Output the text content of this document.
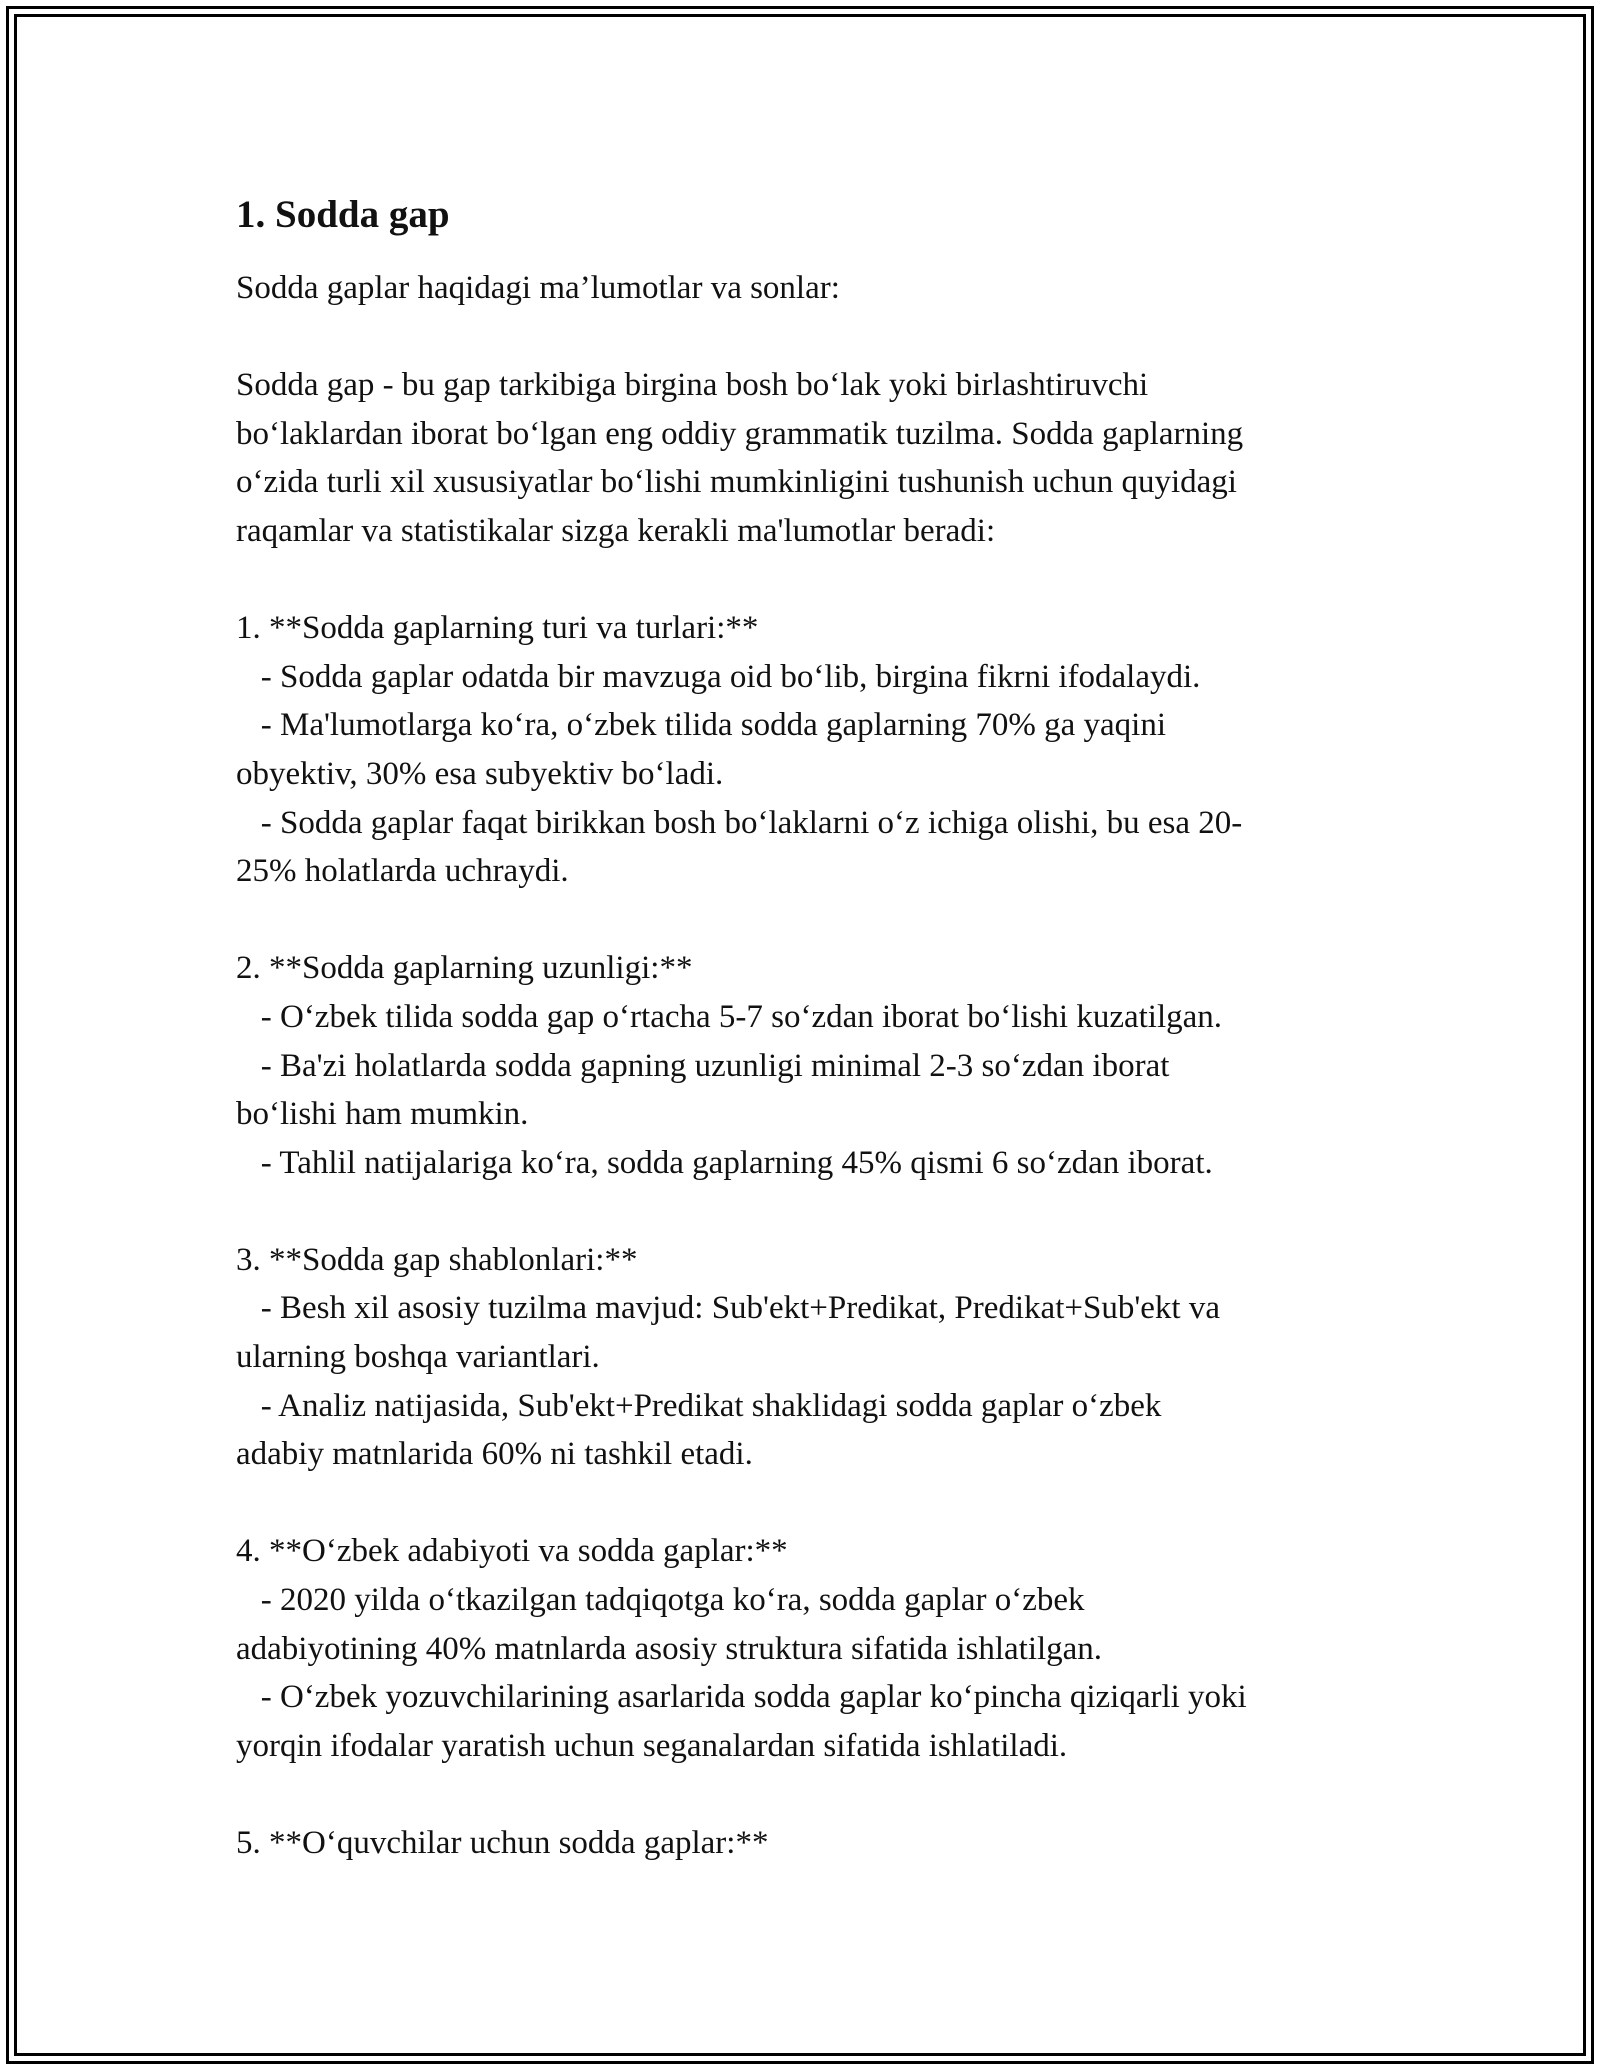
1. Sodda gap

Sodda gaplar haqidagi ma’lumotlar va sonlar:

Sodda gap - bu gap tarkibiga birgina bosh boʻlak yoki birlashtiruvchi

boʻlaklardan iborat boʻlgan eng oddiy grammatik tuzilma. Sodda gaplarning

oʻzida turli xil xususiyatlar boʻlishi mumkinligini tushunish uchun quyidagi

raqamlar va statistikalar sizga kerakli ma'lumotlar beradi:

1. **Sodda gaplarning turi va turlari:**

- Sodda gaplar odatda bir mavzuga oid boʻlib, birgina fikrni ifodalaydi.

- Ma'lumotlarga koʻra, oʻzbek tilida sodda gaplarning 70% ga yaqini

obyektiv, 30% esa subyektiv boʻladi.

- Sodda gaplar faqat birikkan bosh boʻlaklarni oʻz ichiga olishi, bu esa 20-

25% holatlarda uchraydi.

2. **Sodda gaplarning uzunligi:**

- Oʻzbek tilida sodda gap oʻrtacha 5-7 soʻzdan iborat boʻlishi kuzatilgan.

- Ba'zi holatlarda sodda gapning uzunligi minimal 2-3 soʻzdan iborat

boʻlishi ham mumkin.

- Tahlil natijalariga koʻra, sodda gaplarning 45% qismi 6 soʻzdan iborat.

3. **Sodda gap shablonlari:**

- Besh xil asosiy tuzilma mavjud: Sub'ekt+Predikat, Predikat+Sub'ekt va

ularning boshqa variantlari.

- Analiz natijasida, Sub'ekt+Predikat shaklidagi sodda gaplar oʻzbek

adabiy matnlarida 60% ni tashkil etadi.

4. **Oʻzbek adabiyoti va sodda gaplar:**

- 2020 yilda oʻtkazilgan tadqiqotga koʻra, sodda gaplar oʻzbek

adabiyotining 40% matnlarda asosiy struktura sifatida ishlatilgan.

- Oʻzbek yozuvchilarining asarlarida sodda gaplar koʻpincha qiziqarli yoki

yorqin ifodalar yaratish uchun seganalardan sifatida ishlatiladi.

5. **Oʻquvchilar uchun sodda gaplar:**
